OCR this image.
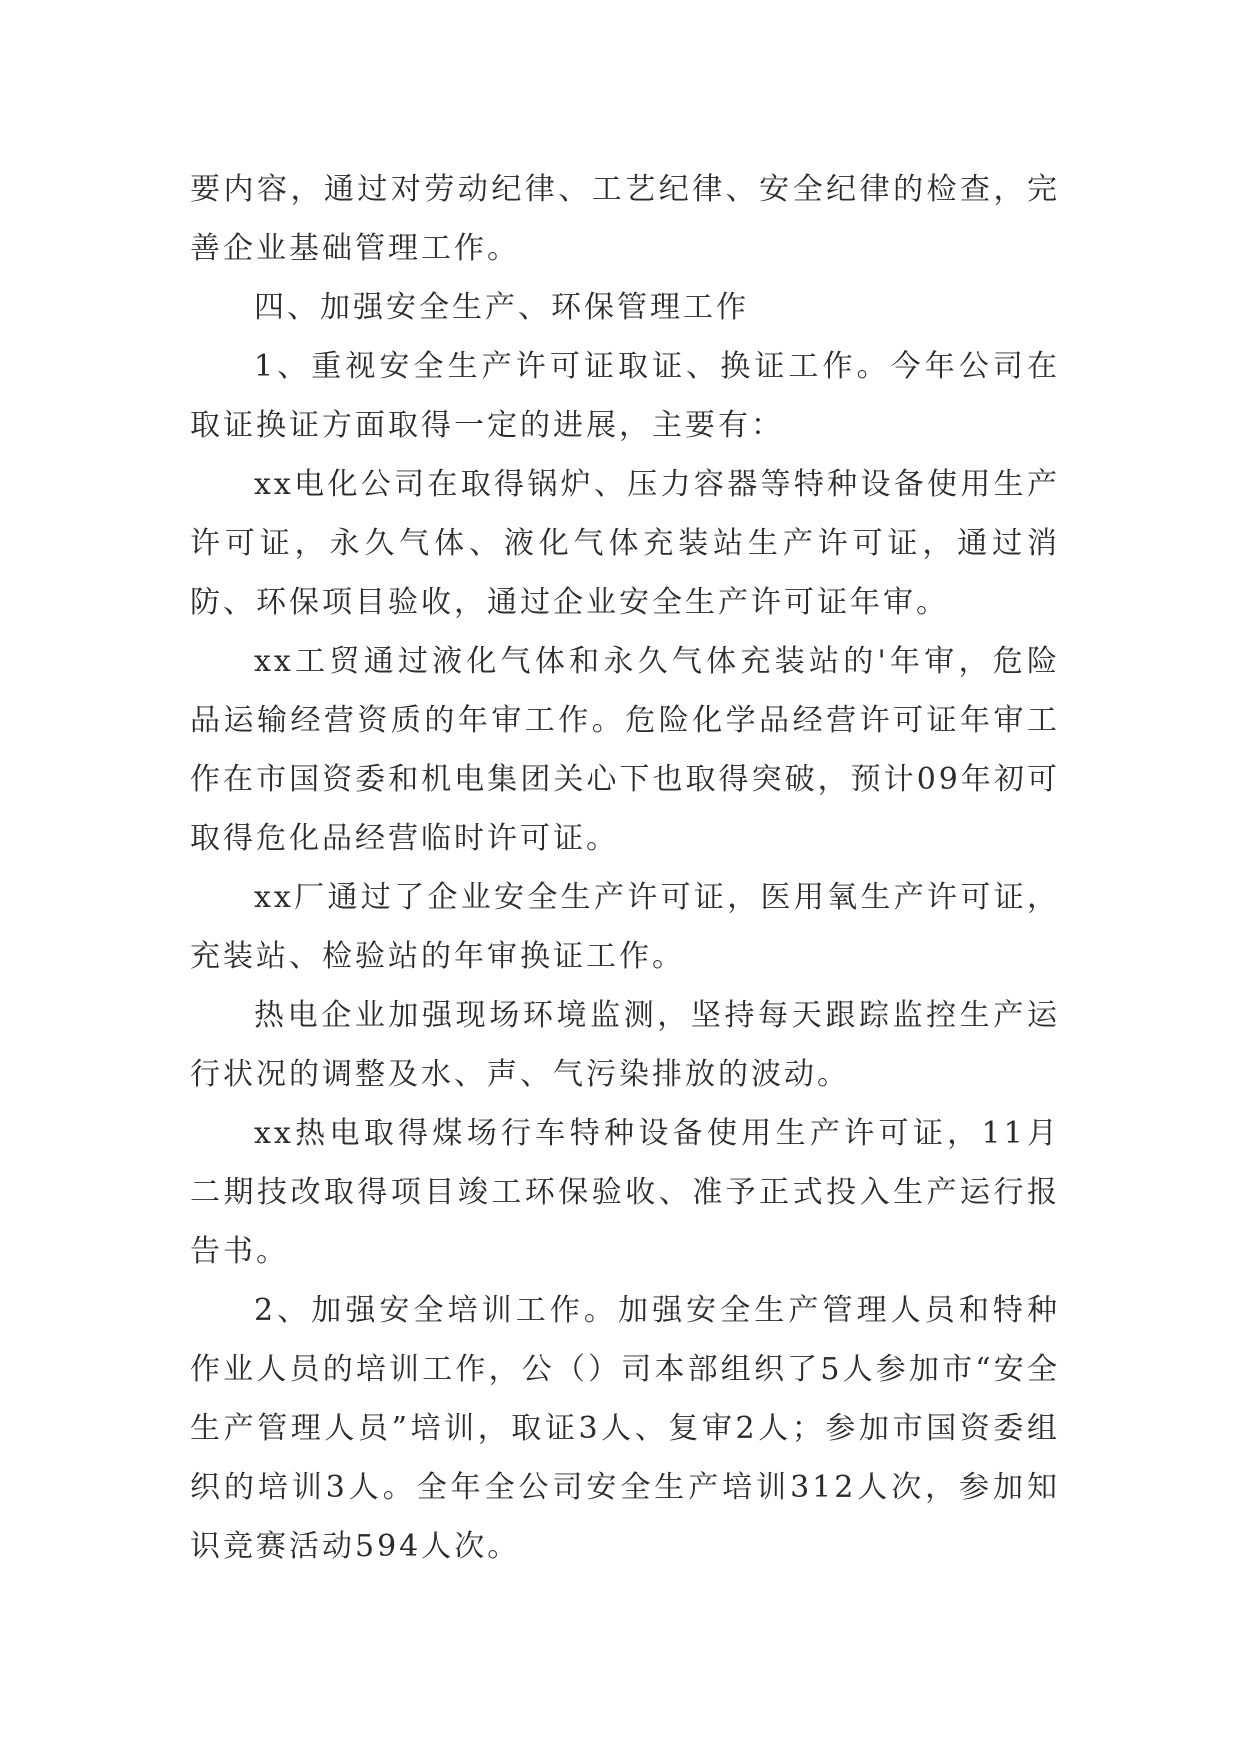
要内容，通过对劳动纪律、工艺纪律、安全纪律的检查，完善企业基础管理工作。

四、加强安全生产、环保管理工作

1、重视安全生产许可证取证、换证工作。今年公司在取证换证方面取得一定的进展，主要有：

xx电化公司在取得锅炉、压力容器等特种设备使用生产许可证，永久气体、液化气体充装站生产许可证，通过消防、环保项目验收，通过企业安全生产许可证年审。

xx工贸通过液化气体和永久气体充装站的'年审，危险品运输经营资质的年审工作。危险化学品经营许可证年审工作在市国资委和机电集团关心下也取得突破，预计09年初可取得危化品经营临时许可证。

xx厂通过了企业安全生产许可证，医用氧生产许可证，充装站、检验站的年审换证工作。

热电企业加强现场环境监测，坚持每天跟踪监控生产运行状况的调整及水、声、气污染排放的波动。

xx热电取得煤场行车特种设备使用生产许可证，11月二期技改取得项目竣工环保验收、准予正式投入生产运行报告书。

2、加强安全培训工作。加强安全生产管理人员和特种作业人员的培训工作，公（）司本部组织了5人参加市“安全生产管理人员”培训，取证3人、复审2人；参加市国资委组织的培训3人。全年全公司安全生产培训312人次，参加知识竞赛活动594人次。
